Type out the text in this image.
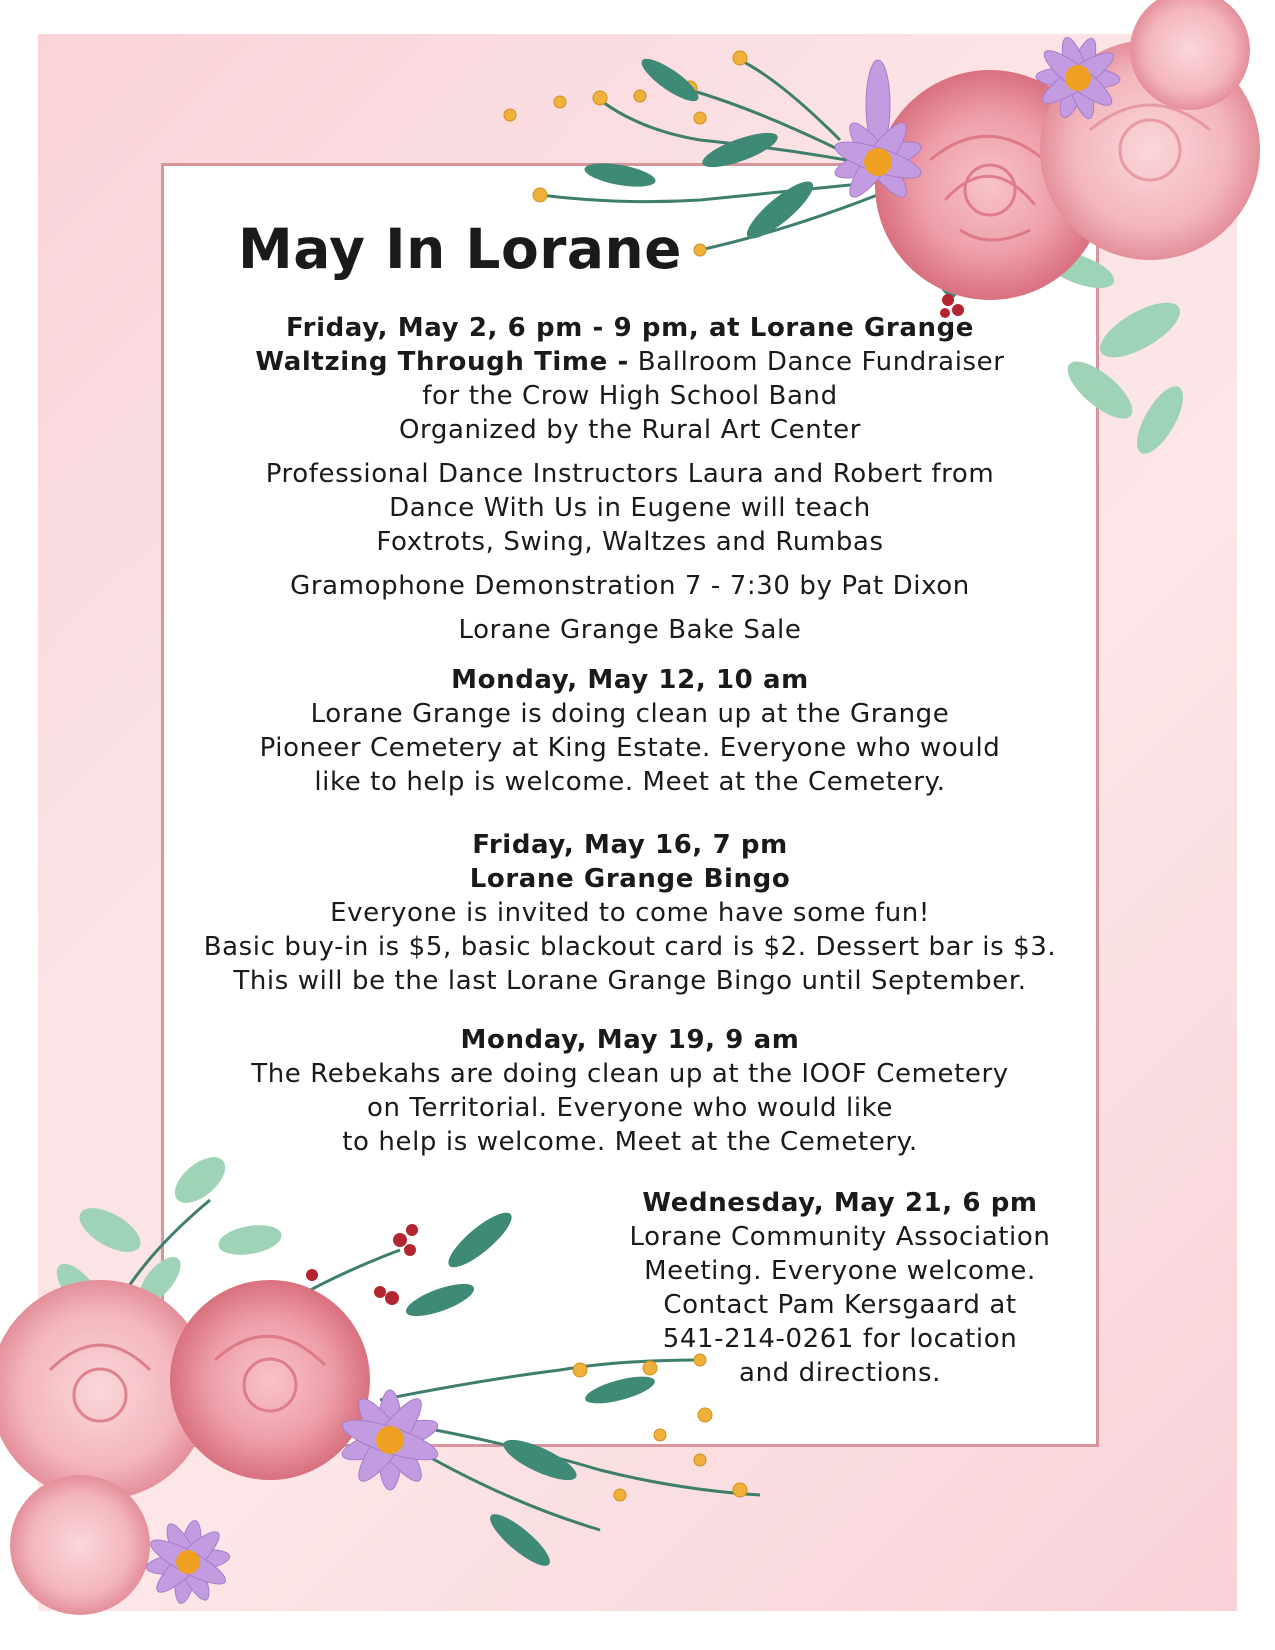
May In Lorane
Friday, May 2, 6 pm - 9 pm, at Lorane Grange
Waltzing Through Time - Ballroom Dance Fundraiser
for the Crow High School Band
Organized by the Rural Art Center
Professional Dance Instructors Laura and Robert from
Dance With Us in Eugene will teach
Foxtrots, Swing, Waltzes and Rumbas
Gramophone Demonstration 7 - 7:30 by Pat Dixon
Lorane Grange Bake Sale
Monday, May 12, 10 am
Lorane Grange is doing clean up at the Grange
Pioneer Cemetery at King Estate. Everyone who would
like to help is welcome. Meet at the Cemetery.
Friday, May 16, 7 pm
Lorane Grange Bingo
Everyone is invited to come have some fun!
Basic buy-in is $5, basic blackout card is $2. Dessert bar is $3.
This will be the last Lorane Grange Bingo until September.
Monday, May 19, 9 am
The Rebekahs are doing clean up at the IOOF Cemetery
on Territorial. Everyone who would like
to help is welcome. Meet at the Cemetery.
Wednesday, May 21, 6 pm
Lorane Community Association
Meeting. Everyone welcome.
Contact Pam Kersgaard at
541-214-0261 for location
and directions.
